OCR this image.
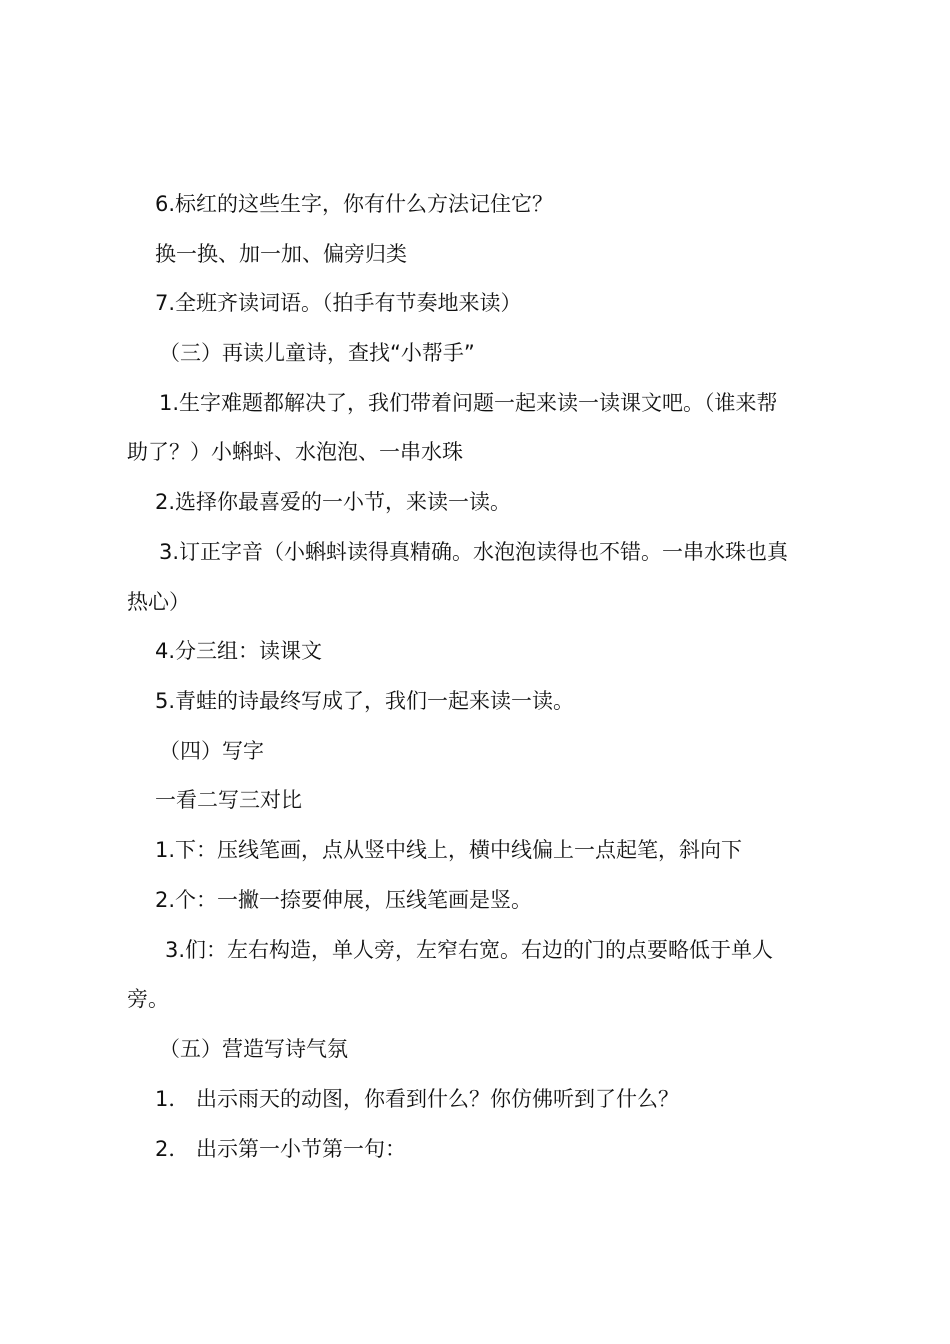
6.标红的这些生字，你有什么方法记住它？
换一换、加一加、偏旁归类
7.全班齐读词语。（拍手有节奏地来读）
（三）再读儿童诗，查找“小帮手”
1.生字难题都解决了，我们带着问题一起来读一读课文吧。（谁来帮
助了？）小蝌蚪、水泡泡、一串水珠
2.选择你最喜爱的一小节，来读一读。
3.订正字音（小蝌蚪读得真精确。水泡泡读得也不错。一串水珠也真
热心）
4.分三组：读课文
5.青蛙的诗最终写成了，我们一起来读一读。
（四）写字
一看二写三对比
1.下：压线笔画，点从竖中线上，横中线偏上一点起笔，斜向下
2.个：一撇一捺要伸展，压线笔画是竖。
3.们：左右构造，单人旁，左窄右宽。右边的门的点要略低于单人
旁。
（五）营造写诗气氛
1． 出示雨天的动图，你看到什么？你仿佛听到了什么？
2． 出示第一小节第一句：
